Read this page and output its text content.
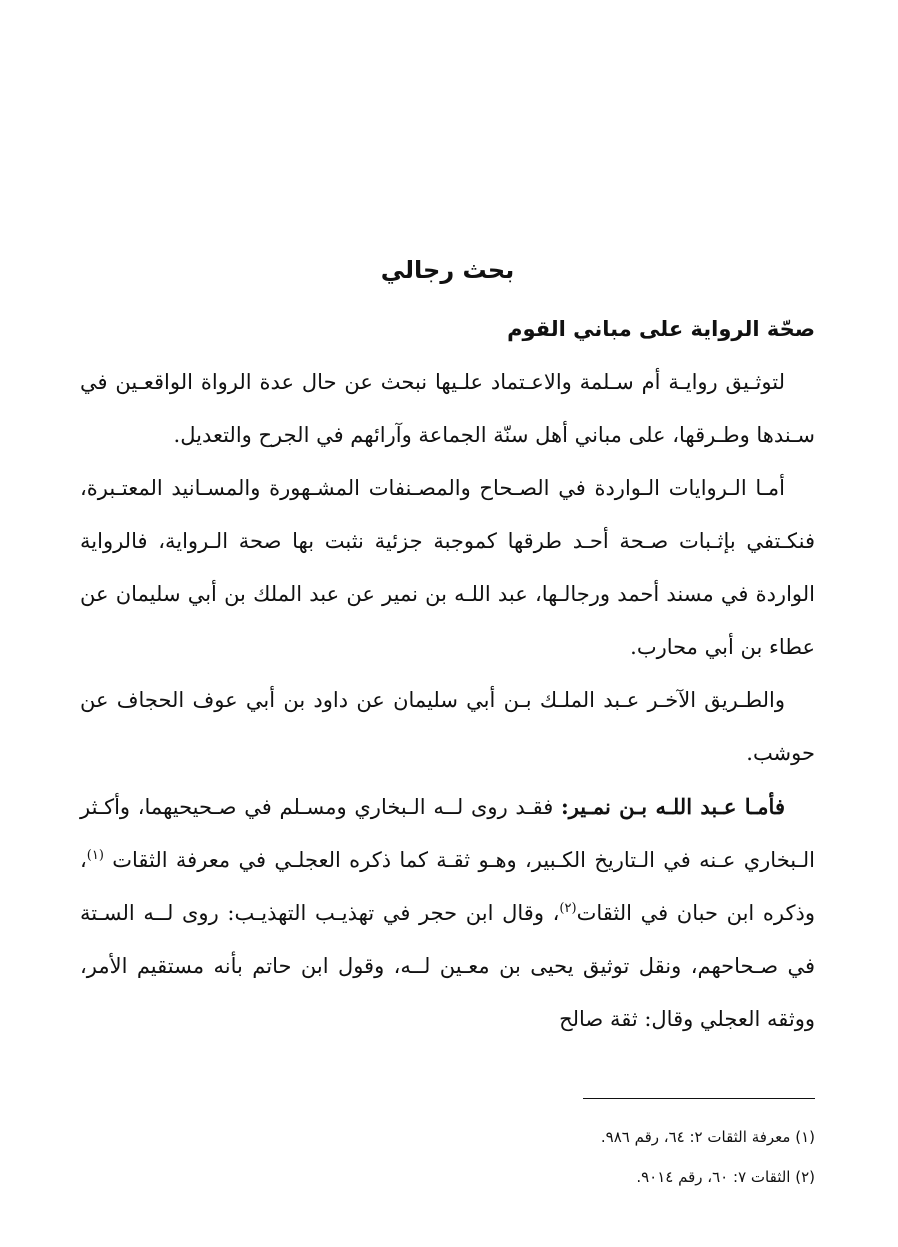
بحث رجالي
صحّة الرواية على مباني القوم

لتوثـيق روايـة أم سـلمة والاعـتماد علـيها نبحث عن حال عدة الرواة الواقعـين في سـندها وطـرقها، على مباني أهل سنّة الجماعة وآرائهم في الجرح والتعديل.

أمـا الـروايات الـواردة في الصـحاح والمصـنفات المشـهورة والمسـانيد المعتـبرة، فنكـتفي بإثـبات صـحة أحـد طرقها كموجبة جزئية نثبت بها صحة الـرواية، فالرواية الواردة في مسند أحمد ورجالـها، عبد اللـه بن نمير عن عبد الملك بن أبي سليمان عن عطاء بن أبي محارب.

والطـريق الآخـر عـبد الملـك بـن أبي سليمان عن داود بن أبي عوف الحجاف عن حوشب.

فأمـا عـبد اللـه بـن نمـير: فقـد روى لــه الـبخاري ومسـلم في صـحيحيهما، وأكـثر الـبخاري عـنه في الـتاريخ الكـبير، وهـو ثقـة كما ذكره العجلـي في معرفة الثقات $^{(١)}$، وذكره ابن حبان في الثقات$^{(٢)}$، وقال ابن حجر في تهذيـب التهذيـب: روى لــه السـتة في صـحاحهم، ونقل توثيق يحيى بن معـين لــه، وقول ابن حاتم بأنه مستقيم الأمر، ووثقه العجلي وقال: ثقة صالح

(١) معرفة الثقات ٢: ٦٤، رقم ٩٨٦.
(٢) الثقات ٧: ٦٠، رقم ٩٠١٤.
